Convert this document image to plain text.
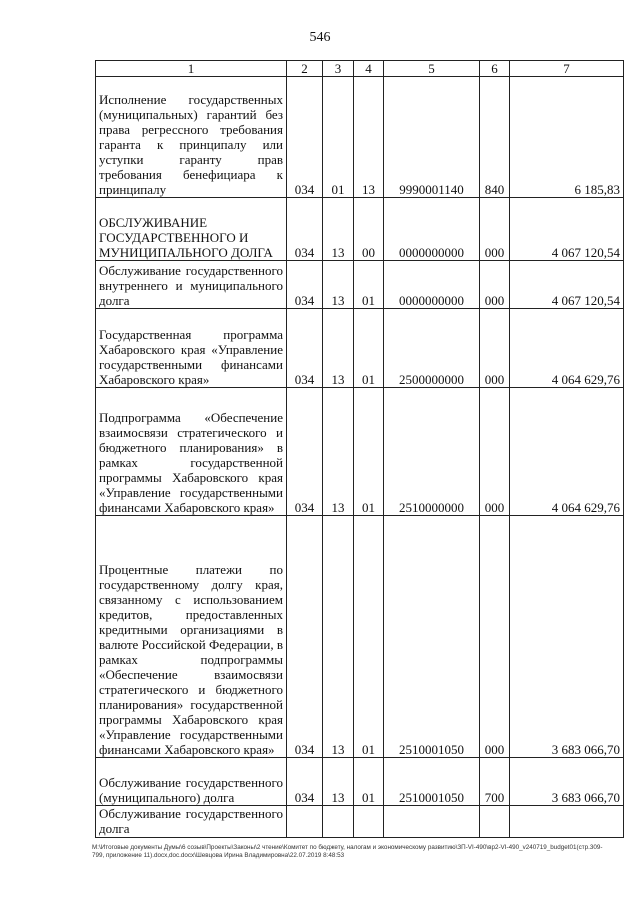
546
1	2	3	4	5	6	7
Исполнение государственных (муниципальных) гарантий без права регрессного требования гаранта к принципалу или уступки гаранту прав требования бенефициара к принципалу	034	01	13	9990001140	840	6 185,83
ОБСЛУЖИВАНИЕ ГОСУДАРСТВЕННОГО И МУНИЦИПАЛЬНОГО ДОЛГА	034	13	00	0000000000	000	4 067 120,54
Обслуживание государственного внутреннего и муниципального долга	034	13	01	0000000000	000	4 067 120,54
Государственная программа Хабаровского края «Управление государственными финансами Хабаровского края»	034	13	01	2500000000	000	4 064 629,76
Подпрограмма «Обеспечение взаимосвязи стратегического и бюджетного планирования» в рамках государственной программы Хабаровского края «Управление государственными финансами Хабаровского края»	034	13	01	2510000000	000	4 064 629,76
Процентные платежи по государственному долгу края, связанному с использованием кредитов, предоставленных кредитными организациями в валюте Российской Федерации, в рамках подпрограммы «Обеспечение взаимосвязи стратегического и бюджетного планирования» государственной программы Хабаровского края «Управление государственными финансами Хабаровского края»	034	13	01	2510001050	000	3 683 066,70
Обслуживание государственного (муниципального) долга	034	13	01	2510001050	700	3 683 066,70
Обслуживание государственного долга						
M:\Итоговые документы Думы\6 созыв\Проекты\Законы\2 чтение\Комитет по бюджету, налогам и экономическому развитию\ЗП-VI-490\вр2-VI-490_v240719_budget01(стр.309-799, приложение 11).docx,doc.docx\Шевцова Ирина Владимировна\22.07.2019 8:48:53
